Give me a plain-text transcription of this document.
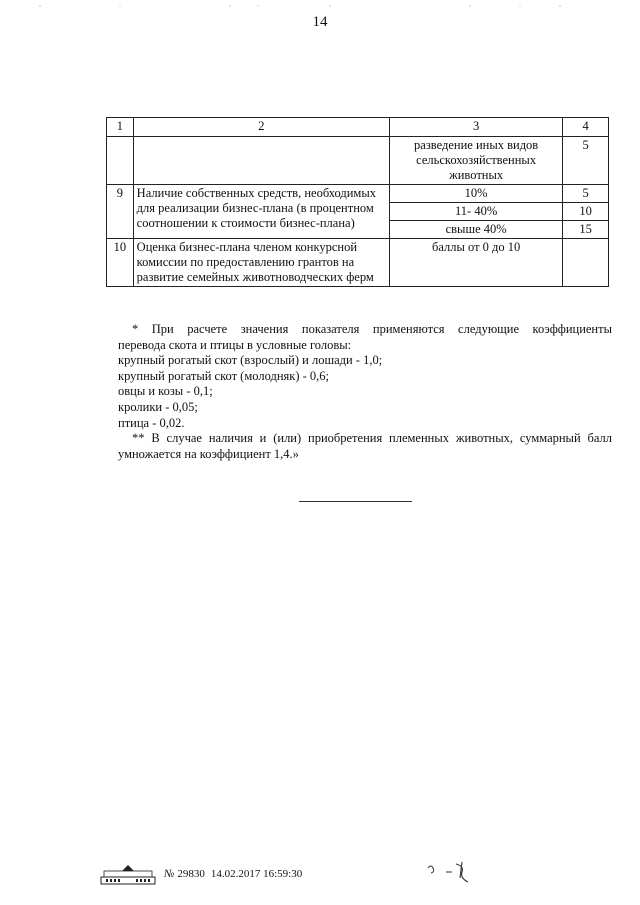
14
1	2	3	4
		разведение иных видов сельскохозяйственных животных	5
9	Наличие собственных средств, необходимых для реализации бизнес-плана (в процентном соотношении к стоимости бизнес-плана)	10%	5
		11- 40%	10
		свыше 40%	15
10	Оценка бизнес-плана членом конкурсной комиссии по предоставлению грантов на развитие семейных животноводческих ферм	баллы от 0 до 10	

* При расчете значения показателя применяются следующие коэффициенты

перевода скота и птицы в условные головы:

крупный рогатый скот (взрослый) и лошади - 1,0;

крупный рогатый скот (молодняк) - 0,6;

овцы и козы - 0,1;

кролики - 0,05;

птица - 0,02.

** В случае наличия и (или) приобретения племенных животных, суммарный балл

умножается на коэффициент 1,4.»

№ 29830 14.02.2017 16:59:30
